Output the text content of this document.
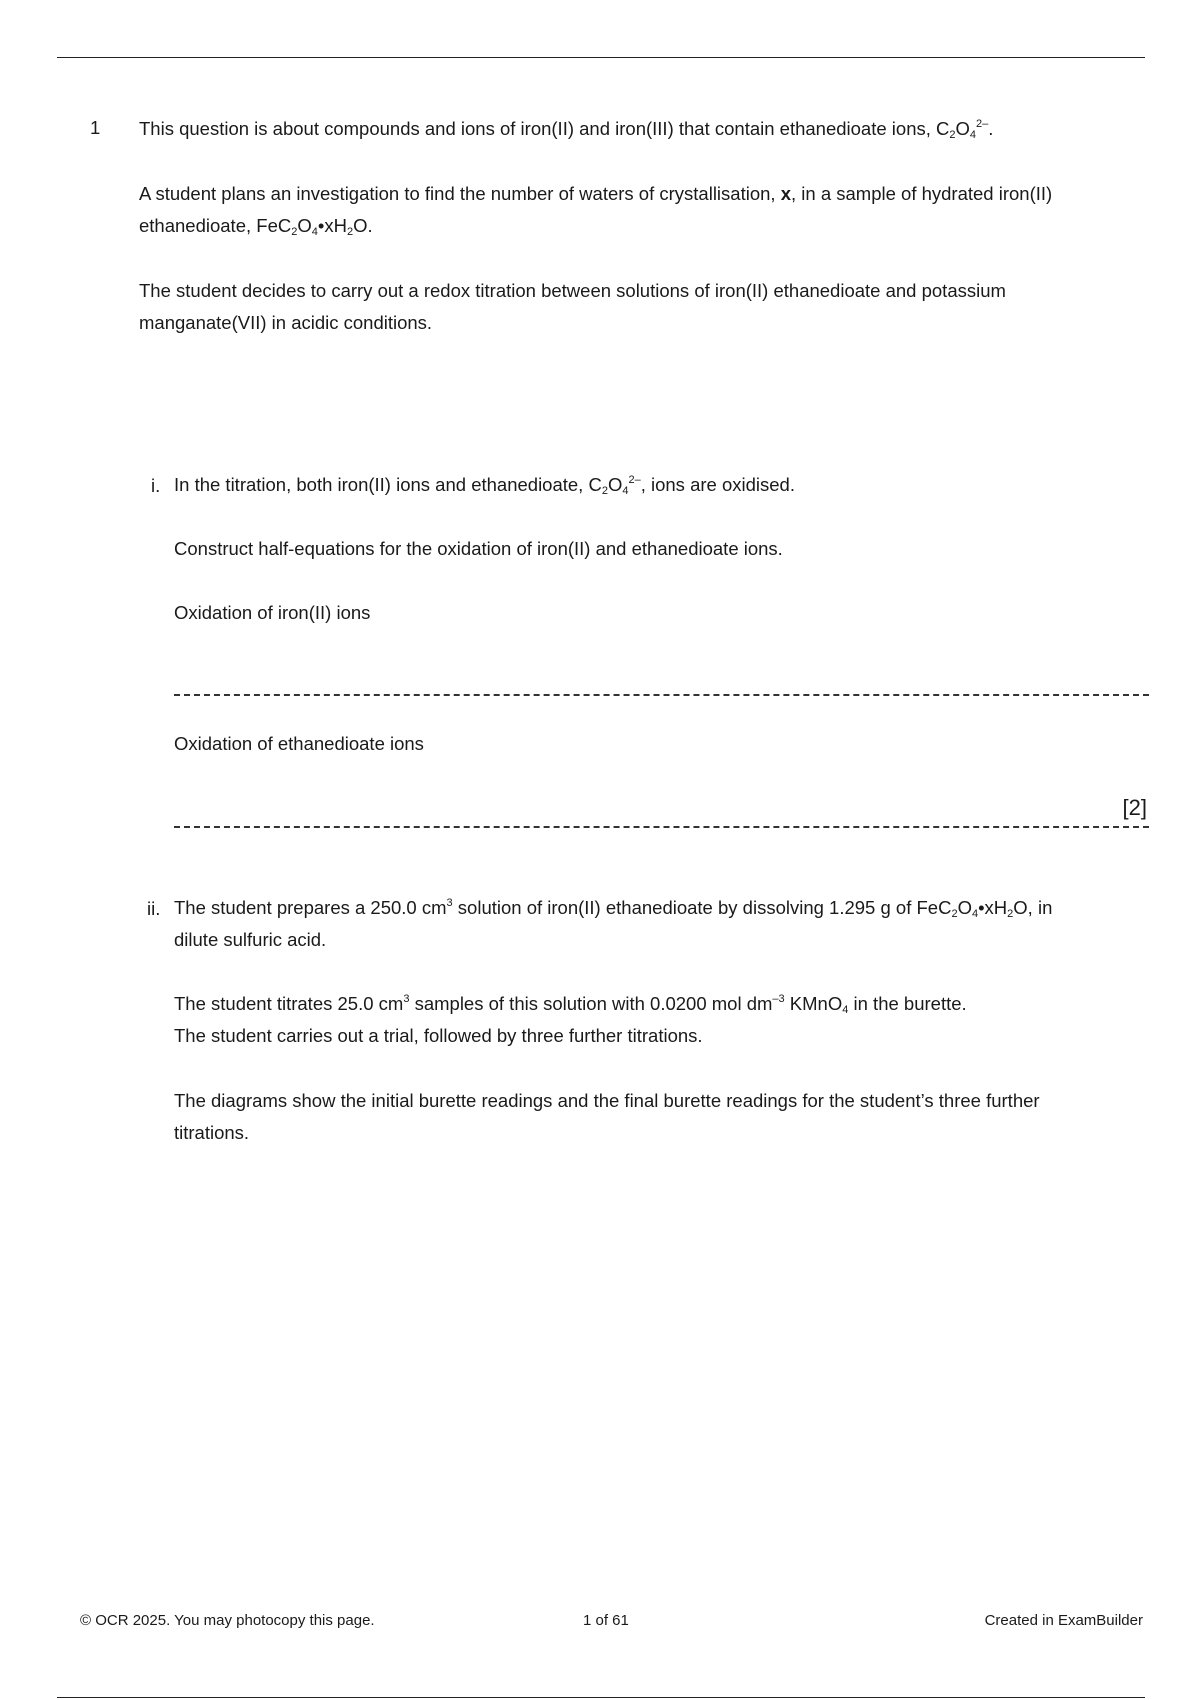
1 This question is about compounds and ions of iron(II) and iron(III) that contain ethanedioate ions, $C_2O_4^{2-}$.
A student plans an investigation to find the number of waters of crystallisation, x, in a sample of hydrated iron(II)
ethanedioate, $FeC_2O_4•xH_2O$.
The student decides to carry out a redox titration between solutions of iron(II) ethanedioate and potassium
manganate(VII) in acidic conditions.
i. In the titration, both iron(II) ions and ethanedioate, $C_2O_4^{2-}$, ions are oxidised.
Construct half-equations for the oxidation of iron(II) and ethanedioate ions.
Oxidation of iron(II) ions
Oxidation of ethanedioate ions
[2]
ii. The student prepares a 250.0 $cm^3$ solution of iron(II) ethanedioate by dissolving 1.295 g of $FeC_2O_4•xH_2O$, in
dilute sulfuric acid.
The student titrates 25.0 $cm^3$ samples of this solution with 0.0200 mol $dm^{-3}$ KMnO$_4$ in the burette.
The student carries out a trial, followed by three further titrations.
The diagrams show the initial burette readings and the final burette readings for the student’s three further
titrations.
© OCR 2025. You may photocopy this page.	1 of 61	Created in ExamBuilder
